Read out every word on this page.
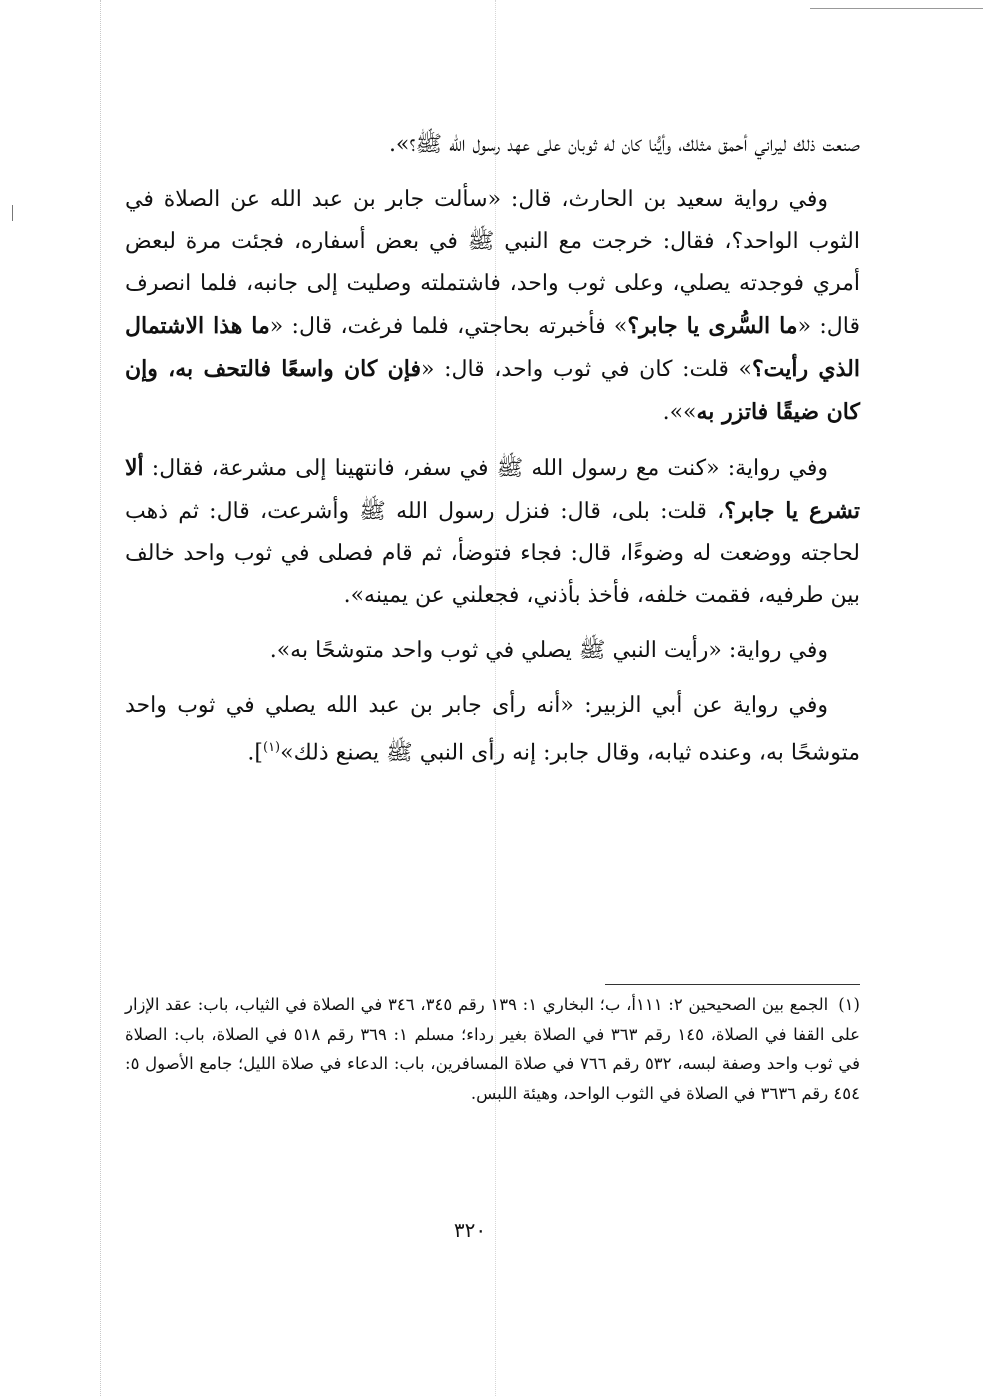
صنعت ذلك ليراني أحمق مثلك، وأيُّنا كان له ثوبان على عهد رسول الله ﷺ؟».

وفي رواية سعيد بن الحارث، قال: «سألت جابر بن عبد الله عن الصلاة في الثوب الواحد؟، فقال: خرجت مع النبي ﷺ في بعض أسفاره، فجئت مرة لبعض أمري فوجدته يصلي، وعلى ثوب واحد، فاشتملته وصليت إلى جانبه، فلما انصرف قال: «ما السُّرى يا جابر؟» فأخبرته بحاجتي، فلما فرغت، قال: «ما هذا الاشتمال الذي رأيت؟» قلت: كان في ثوب واحد، قال: «فإن كان واسعًا فالتحف به، وإن كان ضيقًا فاتزر به»».

وفي رواية: «كنت مع رسول الله ﷺ في سفر، فانتهينا إلى مشرعة، فقال: ألا تشرع يا جابر؟، قلت: بلى، قال: فنزل رسول الله ﷺ وأشرعت، قال: ثم ذهب لحاجته ووضعت له وضوءًا، قال: فجاء فتوضأ، ثم قام فصلى في ثوب واحد خالف بين طرفيه، فقمت خلفه، فأخذ بأذني، فجعلني عن يمينه».

وفي رواية: «رأيت النبي ﷺ يصلي في ثوب واحد متوشحًا به».

وفي رواية عن أبي الزبير: «أنه رأى جابر بن عبد الله يصلي في ثوب واحد متوشحًا به، وعنده ثيابه، وقال جابر: إنه رأى النبي ﷺ يصنع ذلك»$^{(١)}$].

(١)الجمع بين الصحيحين ٢: ١١١أ، ب؛ البخاري ١: ١٣٩ رقم ٣٤٥، ٣٤٦ في الصلاة في الثياب، باب: عقد الإزار على القفا في الصلاة، ١٤٥ رقم ٣٦٣ في الصلاة بغير رداء؛ مسلم ١: ٣٦٩ رقم ٥١٨ في الصلاة، باب: الصلاة في ثوب واحد وصفة لبسه، ٥٣٢ رقم ٧٦٦ في صلاة المسافرين، باب: الدعاء في صلاة الليل؛ جامع الأصول ٥: ٤٥٤ رقم ٣٦٣٦ في الصلاة في الثوب الواحد، وهيئة اللبس.
٣٢٠
